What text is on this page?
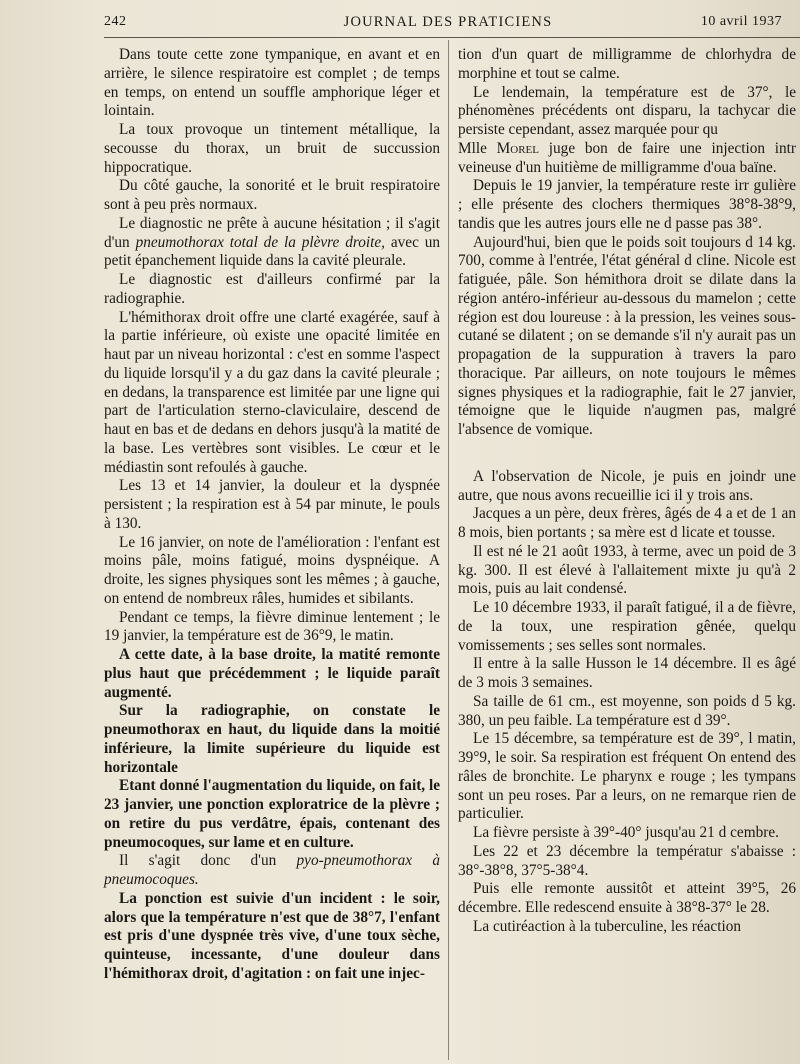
242	JOURNAL DES PRATICIENS	10 avril 1937

Dans toute cette zone tympanique, en avant et en arrière, le silence respiratoire est complet ; de temps en temps, on entend un souffle amphorique léger et lointain.

La toux provoque un tintement métallique, la secousse du thorax, un bruit de succussion hippocratique.

Du côté gauche, la sonorité et le bruit respiratoire sont à peu près normaux.

Le diagnostic ne prête à aucune hésitation ; il s'agit d'un pneumothorax total de la plèvre droite, avec un petit épanchement liquide dans la cavité pleurale.

Le diagnostic est d'ailleurs confirmé par la radiographie.

L'hémithorax droit offre une clarté exagérée, sauf à la partie inférieure, où existe une opacité limitée en haut par un niveau horizontal : c'est en somme l'aspect du liquide lorsqu'il y a du gaz dans la cavité pleurale ; en dedans, la transparence est limitée par une ligne qui part de l'articulation sterno-claviculaire, descend de haut en bas et de dedans en dehors jusqu'à la matité de la base. Les vertèbres sont visibles. Le cœur et le médiastin sont refoulés à gauche.

Les 13 et 14 janvier, la douleur et la dyspnée persistent ; la respiration est à 54 par minute, le pouls à 130.

Le 16 janvier, on note de l'amélioration : l'enfant est moins pâle, moins fatigué, moins dyspnéique. A droite, les signes physiques sont les mêmes ; à gauche, on entend de nombreux râles, humides et sibilants.

Pendant ce temps, la fièvre diminue lentement ; le 19 janvier, la température est de 36°9, le matin.

A cette date, à la base droite, la matité remonte plus haut que précédemment ; le liquide paraît augmenté.

Sur la radiographie, on constate le pneumothorax en haut, du liquide dans la moitié inférieure, la limite supérieure du liquide est horizontale

Etant donné l'augmentation du liquide, on fait, le 23 janvier, une ponction exploratrice de la plèvre ; on retire du pus verdâtre, épais, contenant des pneumocoques, sur lame et en culture.

Il s'agit donc d'un pyo-pneumothorax à pneumocoques.

La ponction est suivie d'un incident : le soir, alors que la température n'est que de 38°7, l'enfant est pris d'une dyspnée très vive, d'une toux sèche, quinteuse, incessante, d'une douleur dans l'hémithorax droit, d'agitation : on fait une injec-

tion d'un quart de milligramme de chlorhydra de morphine et tout se calme.

Le lendemain, la température est de 37°, le phénomènes précédents ont disparu, la tachycar die persiste cependant, assez marquée pour qu

Mlle Morel juge bon de faire une injection intr veineuse d'un huitième de milligramme d'oua baïne.

Depuis le 19 janvier, la température reste irr gulière ; elle présente des clochers thermiques 38°8-38°9, tandis que les autres jours elle ne d passe pas 38°.

Aujourd'hui, bien que le poids soit toujours d 14 kg. 700, comme à l'entrée, l'état général d cline. Nicole est fatiguée, pâle. Son hémithora droit se dilate dans la région antéro-inférieur au-dessous du mamelon ; cette région est dou loureuse : à la pression, les veines sous-cutané se dilatent ; on se demande s'il n'y aurait pas un propagation de la suppuration à travers la paro thoracique. Par ailleurs, on note toujours le mêmes signes physiques et la radiographie, fait le 27 janvier, témoigne que le liquide n'augmen pas, malgré l'absence de vomique.

A l'observation de Nicole, je puis en joindr une autre, que nous avons recueillie ici il y trois ans.

Jacques a un père, deux frères, âgés de 4 a et de 1 an 8 mois, bien portants ; sa mère est d licate et tousse.

Il est né le 21 août 1933, à terme, avec un poid de 3 kg. 300. Il est élevé à l'allaitement mixte ju qu'à 2 mois, puis au lait condensé.

Le 10 décembre 1933, il paraît fatigué, il a de fièvre, de la toux, une respiration gênée, quelqu vomissements ; ses selles sont normales.

Il entre à la salle Husson le 14 décembre. Il es âgé de 3 mois 3 semaines.

Sa taille de 61 cm., est moyenne, son poids d 5 kg. 380, un peu faible. La température est d 39°.

Le 15 décembre, sa température est de 39°, l matin, 39°9, le soir. Sa respiration est fréquent On entend des râles de bronchite. Le pharynx e rouge ; les tympans sont un peu roses. Par a leurs, on ne remarque rien de particulier.

La fièvre persiste à 39°-40° jusqu'au 21 d cembre.

Les 22 et 23 décembre la températur s'abaisse : 38°-38°8, 37°5-38°4.

Puis elle remonte aussitôt et atteint 39°5, 26 décembre. Elle redescend ensuite à 38°8-37° le 28.

La cutiréaction à la tuberculine, les réaction
